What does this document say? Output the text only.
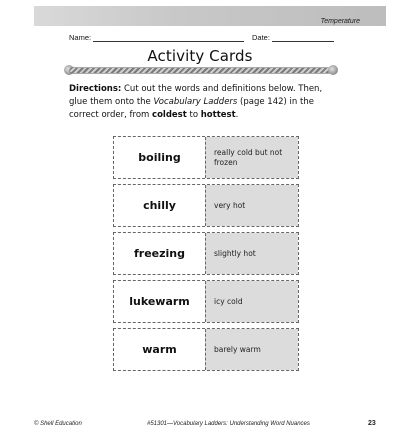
Temperature
Name:	Date:
Activity Cards
Directions: Cut out the words and definitions below. Then, glue them onto the Vocabulary Ladders (page 142) in the correct order, from coldest to hottest.
boiling	really cold but not frozen
chilly	very hot
freezing	slightly hot
lukewarm	icy cold
warm	barely warm
© Shell Education	#51301—Vocabulary Ladders: Understanding Word Nuances	23
